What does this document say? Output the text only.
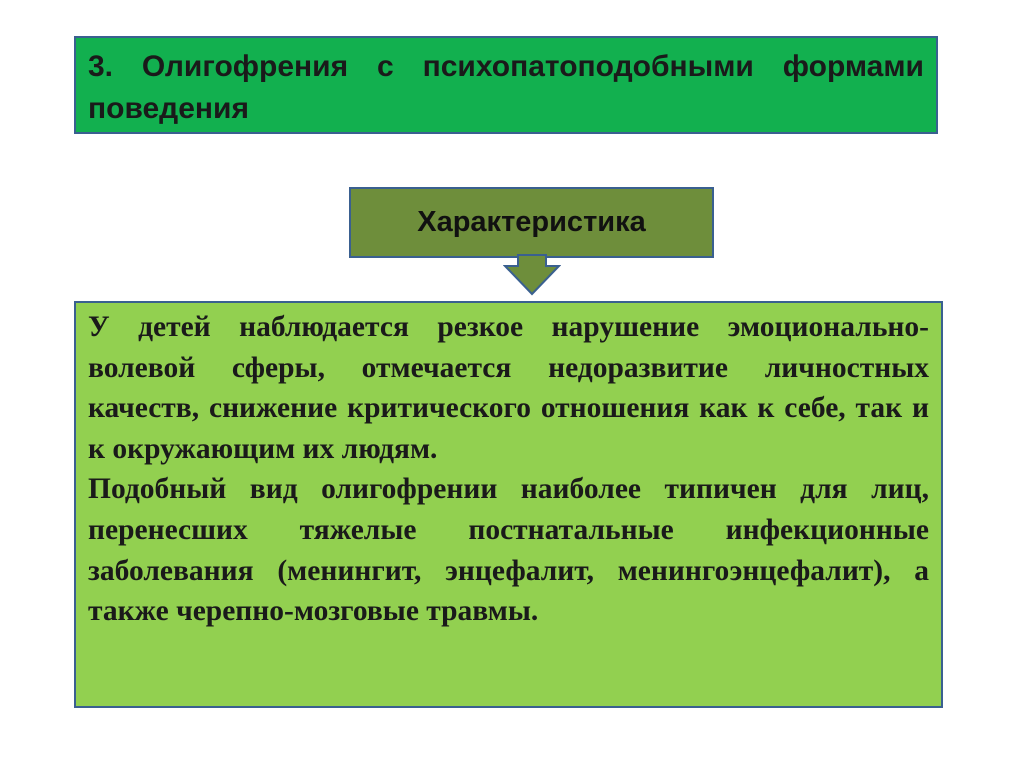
3. Олигофрения с психопатоподобными формами поведения

Характеристика

У детей наблюдается резкое нарушение эмоционально-волевой сферы, отмечается недоразвитие личностных качеств, снижение критического отношения как к себе, так и к окружающим их людям.

Подобный вид олигофрении наиболее типичен для лиц, перенесших тяжелые постнатальные инфекционные заболевания (менингит, энцефалит, менингоэнцефалит), а также черепно-мозговые травмы.
